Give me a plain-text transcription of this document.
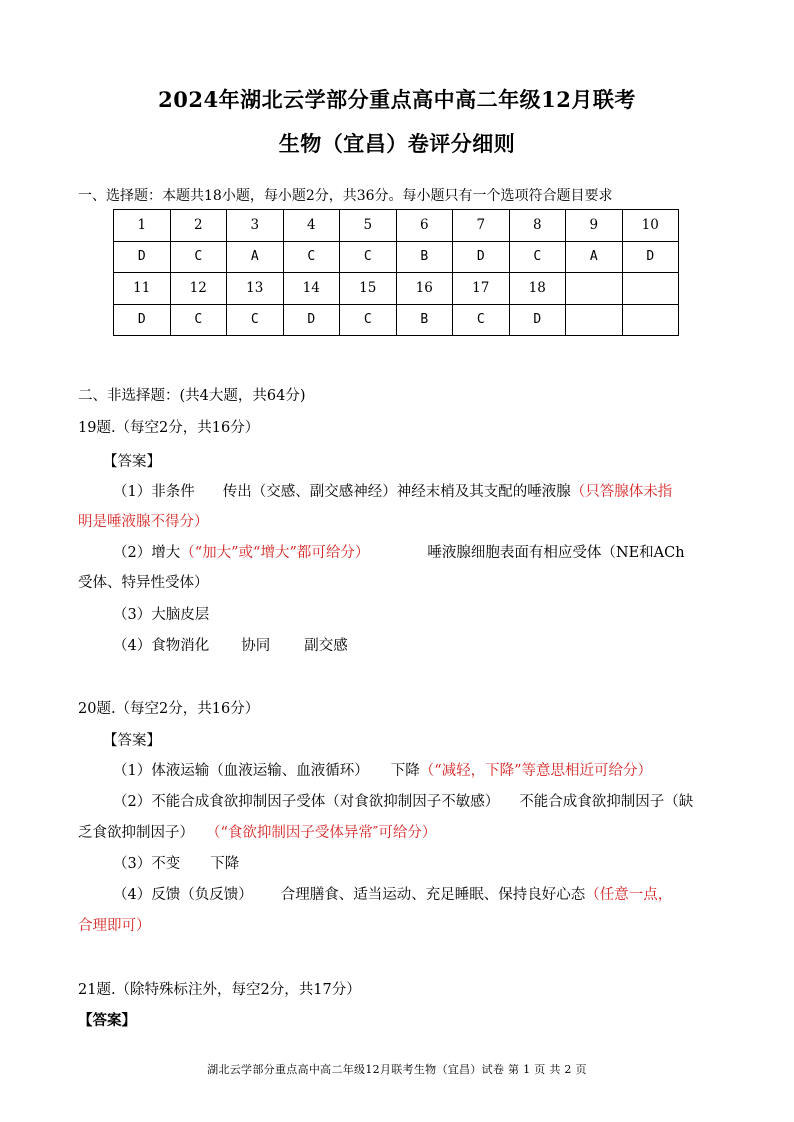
2024年湖北云学部分重点高中高二年级12月联考
生物（宜昌）卷评分细则
一、选择题：本题共18小题，每小题2分，共36分。每小题只有一个选项符合题目要求
1	2	3	4	5	6	7	8	9	10
D	C	A	C	C	B	D	C	A	D
11	12	13	14	15	16	17	18		
D	C	C	D	C	B	C	D		
二、非选择题：(共4大题，共64分)
19题.（每空2分，共16分）
【答案】
（1）非条件 传出（交感、副交感神经）神经末梢及其支配的唾液腺（只答腺体未指
明是唾液腺不得分）
（2）增大（“加大”或“增大”都可给分）	唾液腺细胞表面有相应受体（NE和ACh
受体、特异性受体）
（3）大脑皮层
（4）食物消化 协同 副交感
20题.（每空2分，共16分）
【答案】
（1）体液运输（血液运输、血液循环） 下降（“减轻，下降”等意思相近可给分）
（2）不能合成食欲抑制因子受体（对食欲抑制因子不敏感） 不能合成食欲抑制因子（缺
乏食欲抑制因子） （“食欲抑制因子受体异常″可给分）
（3）不变 下降
（4）反馈（负反馈） 合理膳食、适当运动、充足睡眠、保持良好心态（任意一点，
合理即可）
21题.（除特殊标注外，每空2分，共17分）
【答案】
湖北云学部分重点高中高二年级12月联考生物（宜昌）试卷 第 1 页 共 2 页
